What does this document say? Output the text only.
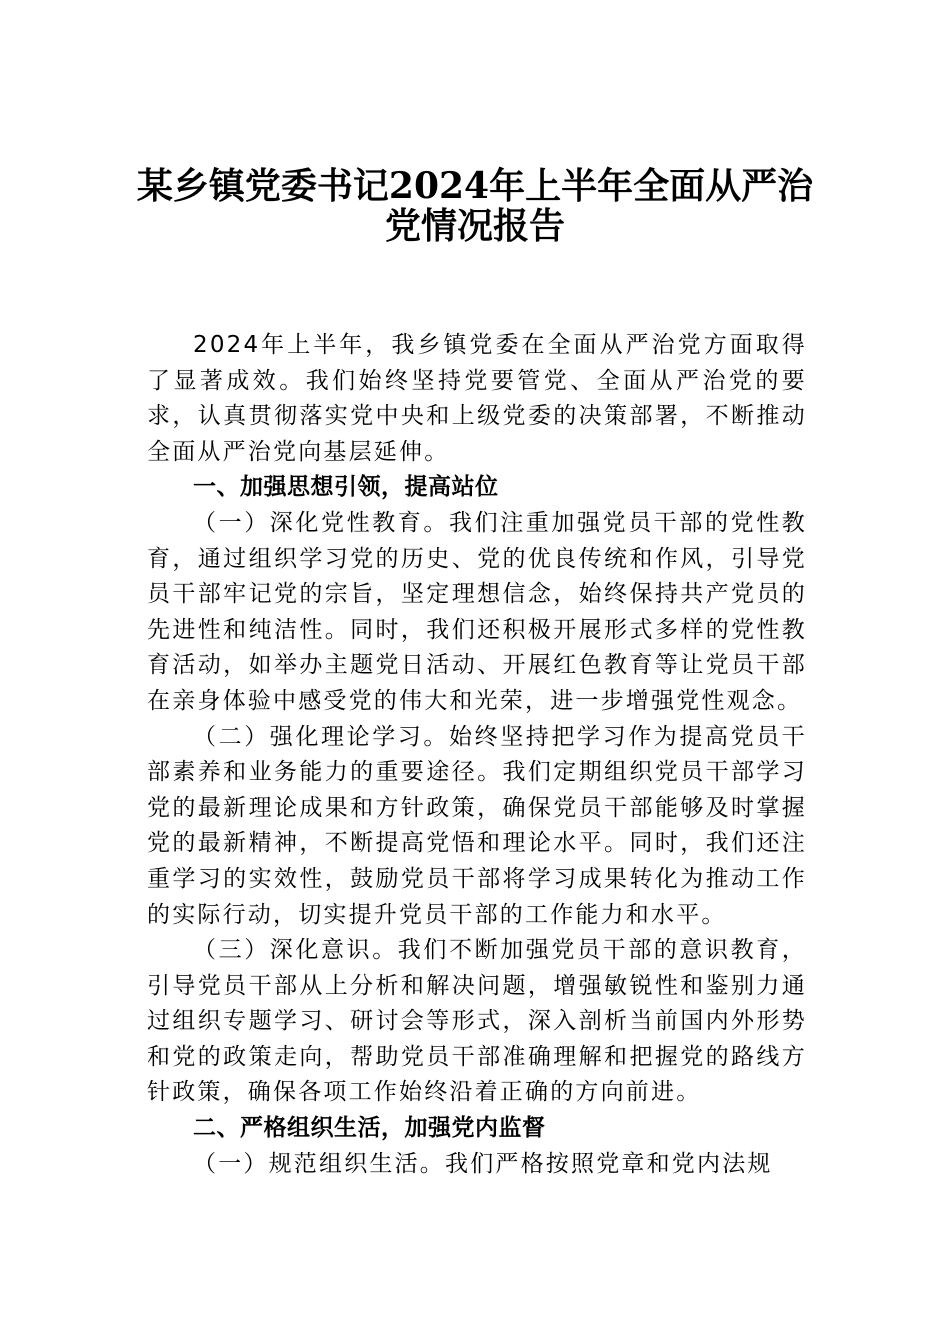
某乡镇党委书记2024年上半年全面从严治
党情况报告

2024年上半年，我乡镇党委在全面从严治党方面取得了显著成效。我们始终坚持党要管党、全面从严治党的要求，认真贯彻落实党中央和上级党委的决策部署，不断推动全面从严治党向基层延伸。

一、加强思想引领，提高站位

（一）深化党性教育。我们注重加强党员干部的党性教育，通过组织学习党的历史、党的优良传统和作风，引导党员干部牢记党的宗旨，坚定理想信念，始终保持共产党员的先进性和纯洁性。同时，我们还积极开展形式多样的党性教育活动，如举办主题党日活动、开展红色教育等让党员干部在亲身体验中感受党的伟大和光荣，进一步增强党性观念。

（二）强化理论学习。始终坚持把学习作为提高党员干部素养和业务能力的重要途径。我们定期组织党员干部学习党的最新理论成果和方针政策，确保党员干部能够及时掌握党的最新精神，不断提高党悟和理论水平。同时，我们还注重学习的实效性，鼓励党员干部将学习成果转化为推动工作的实际行动，切实提升党员干部的工作能力和水平。

（三）深化意识。我们不断加强党员干部的意识教育，引导党员干部从上分析和解决问题，增强敏锐性和鉴别力通过组织专题学习、研讨会等形式，深入剖析当前国内外形势和党的政策走向，帮助党员干部准确理解和把握党的路线方针政策，确保各项工作始终沿着正确的方向前进。

二、严格组织生活，加强党内监督

（一）规范组织生活。我们严格按照党章和党内法规
